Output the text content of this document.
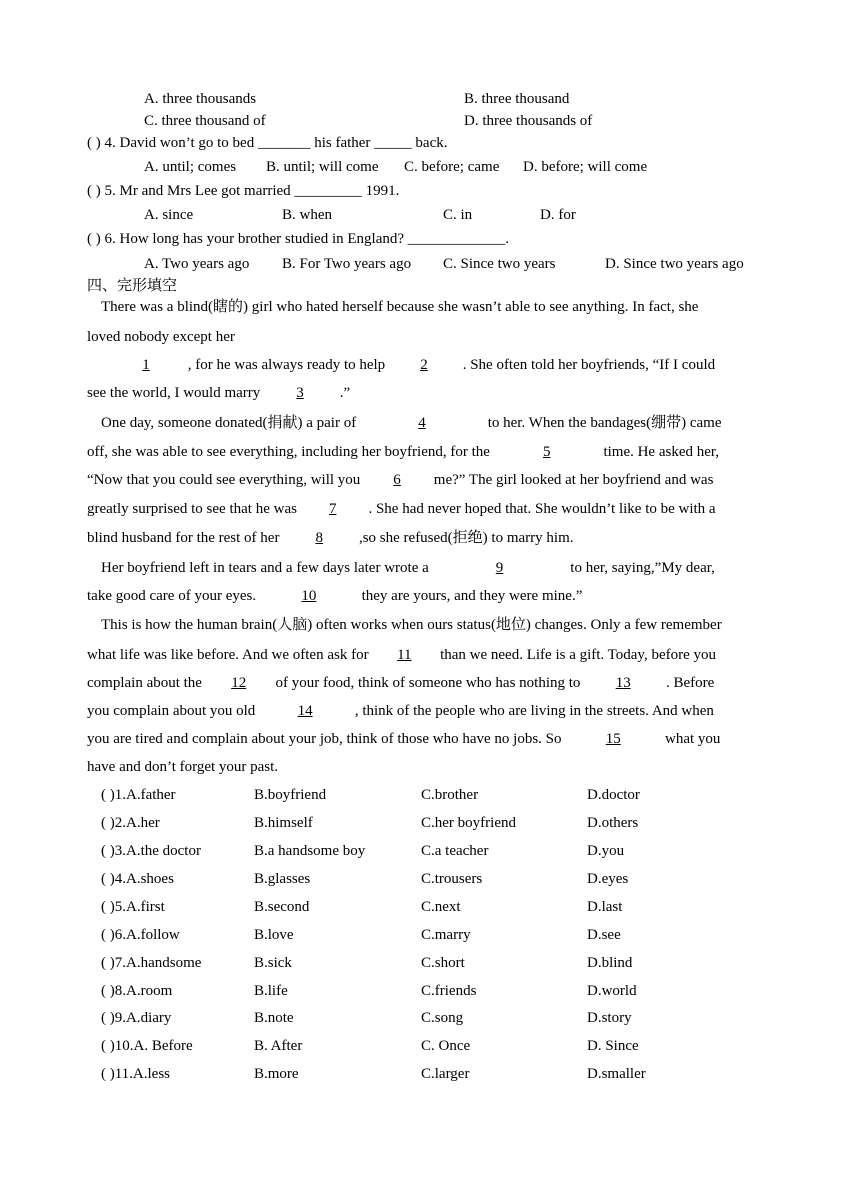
A. three thousands	B. three thousand
C. three thousand of	D. three thousands of
( ) 4. David won’t go to bed _______ his father _____ back.
A. until; comes B. until; will come C. before; came D. before; will come
( ) 5. Mr and Mrs Lee got married _________ 1991.
A. since	B. when	C. in	D. for
( ) 6. How long has your brother studied in England? _____________.
A. Two years ago B. For Two years ago C. Since two years	D. Since two years ago
四、完形填空
There was a blind(瞎的) girl who hated herself because she wasn’t able to see anything. In fact, she
loved nobody except her
1 , for he was always ready to help 2 . She often told her boyfriends, “If I could
see the world, I would marry 3 .”
One day, someone donated(捐献) a pair of	4	to her. When the bandages(绷带) came
off, she was able to see everything, including her boyfriend, for the	5	time. He asked her,
“Now that you could see everything, will you 6 me?” The girl looked at her boyfriend and was
greatly surprised to see that he was 7 . She had never hoped that. She wouldn’t like to be with a
blind husband for the rest of her 8 ,so she refused(拒绝) to marry him.
Her boyfriend left in tears and a few days later wrote a	9	to her, saying,”My dear,
take good care of your eyes.	10	they are yours, and they were mine.”
This is how the human brain(人脑) often works when ours status(地位) changes. Only a few remember
what life was like before. And we often ask for 11 than we need. Life is a gift. Today, before you
complain about the 12 of your food, think of someone who has nothing to 13 . Before
you complain about you old	14	, think of the people who are living in the streets. And when
you are tired and complain about your job, think of those who have no jobs. So	15	what you
have and don’t forget your past.
( )1.A.father	B.boyfriend	C.brother	D.doctor
( )2.A.her	B.himself	C.her boyfriend	D.others
( )3.A.the doctor	B.a handsome boy	C.a teacher	D.you
( )4.A.shoes	B.glasses	C.trousers	D.eyes
( )5.A.first	B.second	C.next	D.last
( )6.A.follow	B.love	C.marry	D.see
( )7.A.handsome	B.sick	C.short	D.blind
( )8.A.room	B.life	C.friends	D.world
( )9.A.diary	B.note	C.song	D.story
( )10.A. Before	B. After	C. Once	D. Since
( )11.A.less	B.more	C.larger	D.smaller
